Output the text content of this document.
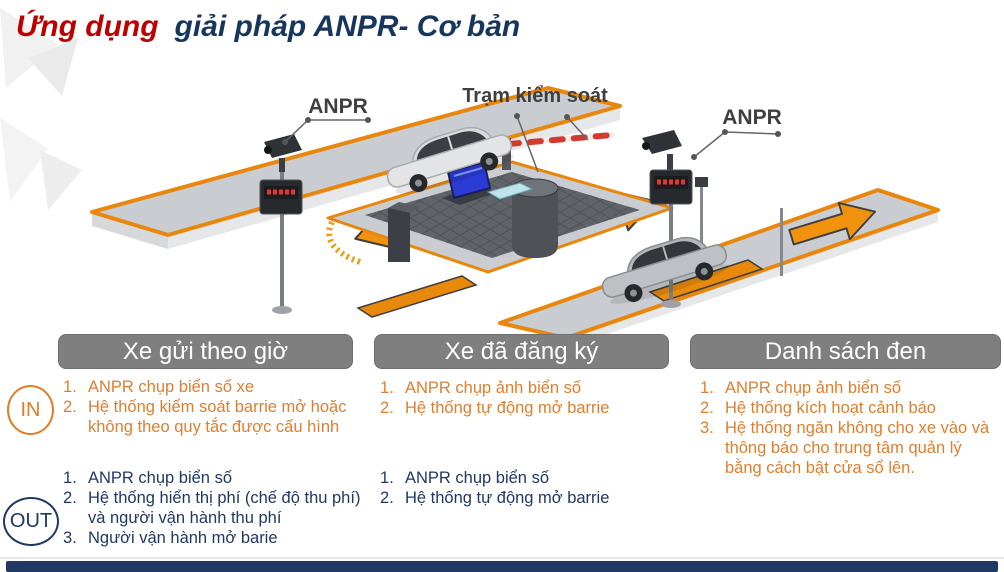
Ứng dụng giải pháp ANPR- Cơ bản
ANPR	Trạm kiểm soát
ANPR
Xe gửi theo giờ	Xe đã đăng ký	Danh sách đen
IN
OUT
ANPR chụp biển số xe
Hệ thống kiểm soát barrie mở hoặc không theo quy tắc được cấu hình
ANPR chụp biển số
Hệ thống hiển thị phí (chế độ thu phí) và người vận hành thu phí
Người vận hành mở barie
ANPR chụp ảnh biển số
Hệ thống tự động mở barrie
ANPR chụp biển số
Hệ thống tự động mở barrie
ANPR chụp ảnh biển số
Hệ thống kích hoạt cảnh báo
Hệ thống ngăn không cho xe vào và thông báo cho trung tâm quản lý bằng cách bật cửa sổ lên.
